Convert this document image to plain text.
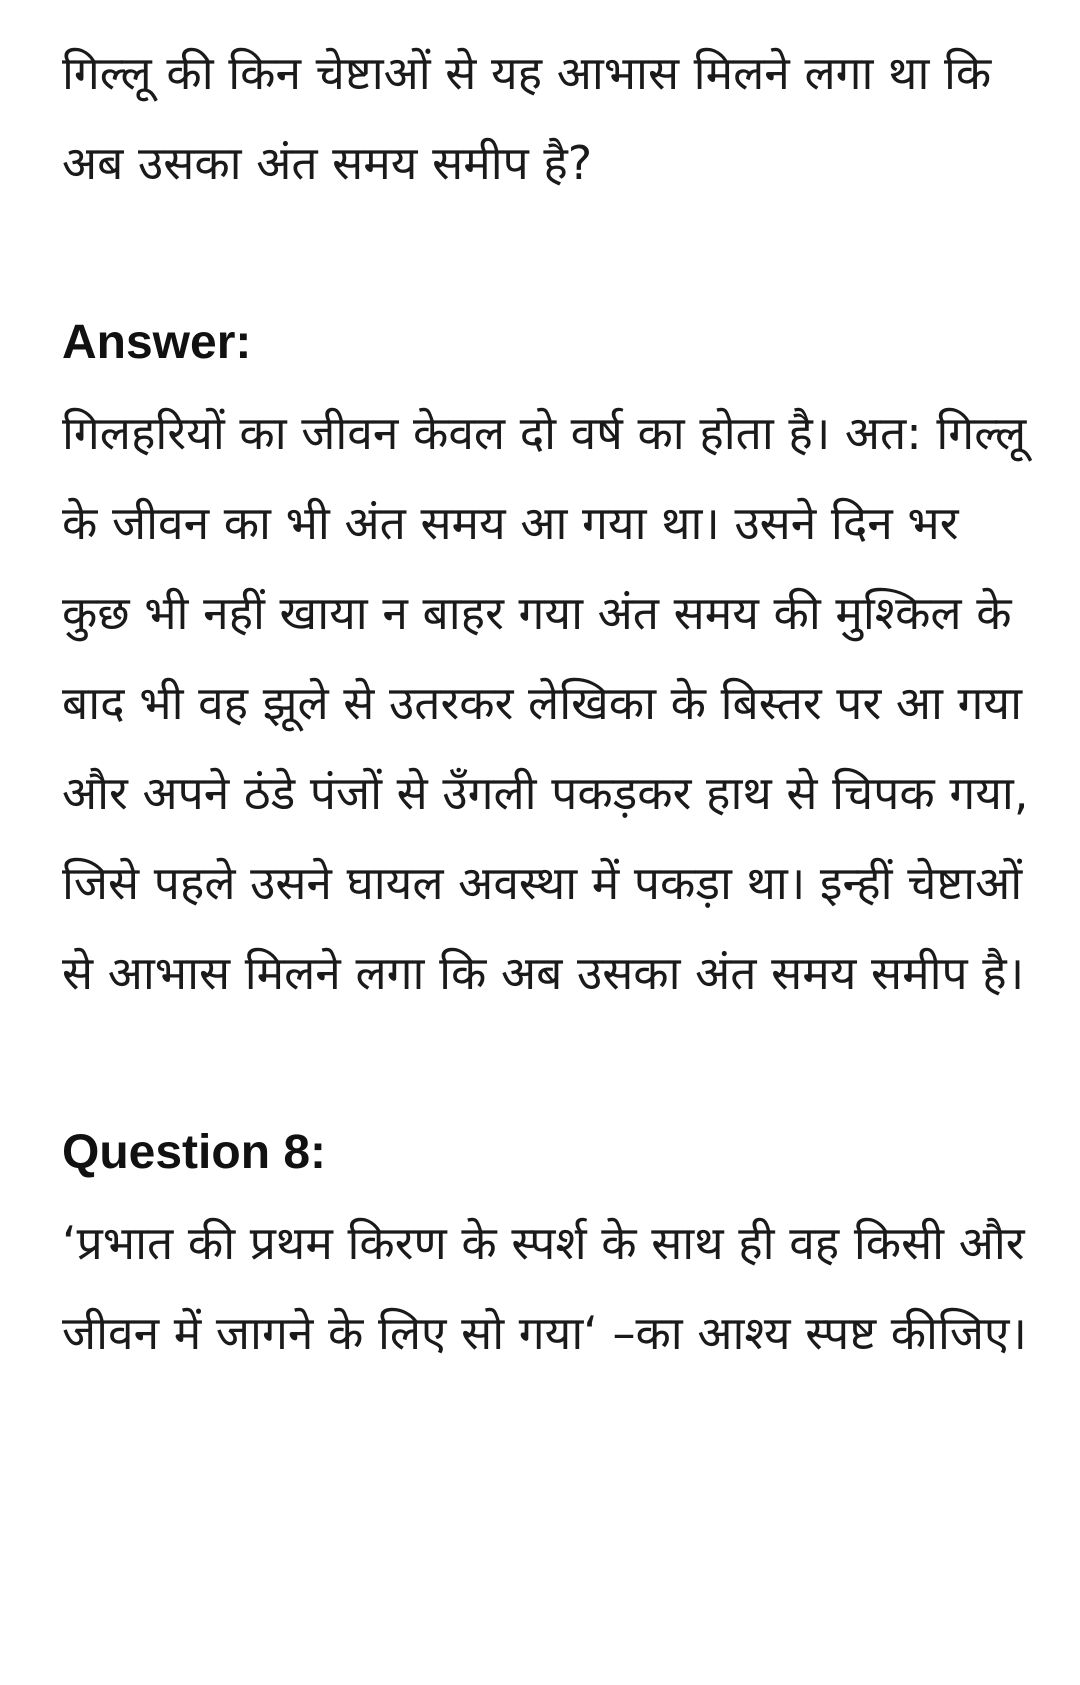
गिल्लू की किन चेष्टाओं से यह आभास मिलने लगा था कि अब उसका अंत समय समीप है?

Answer:

गिलहरियों का जीवन केवल दो वर्ष का होता है। अत: गिल्लू के जीवन का भी अंत समय आ गया था। उसने दिन भर कुछ भी नहीं खाया न बाहर गया अंत समय की मुश्किल के बाद भी वह झूले से उतरकर लेखिका के बिस्तर पर आ गया और अपने ठंडे पंजों से उँगली पकड़कर हाथ से चिपक गया, जिसे पहले उसने घायल अवस्था में पकड़ा था। इन्हीं चेष्टाओं से आभास मिलने लगा कि अब उसका अंत समय समीप है।

Question 8:

‘प्रभात की प्रथम किरण के स्पर्श के साथ ही वह किसी और जीवन में जागने के लिए सो गया‘ –का आश्य स्पष्ट कीजिए।
